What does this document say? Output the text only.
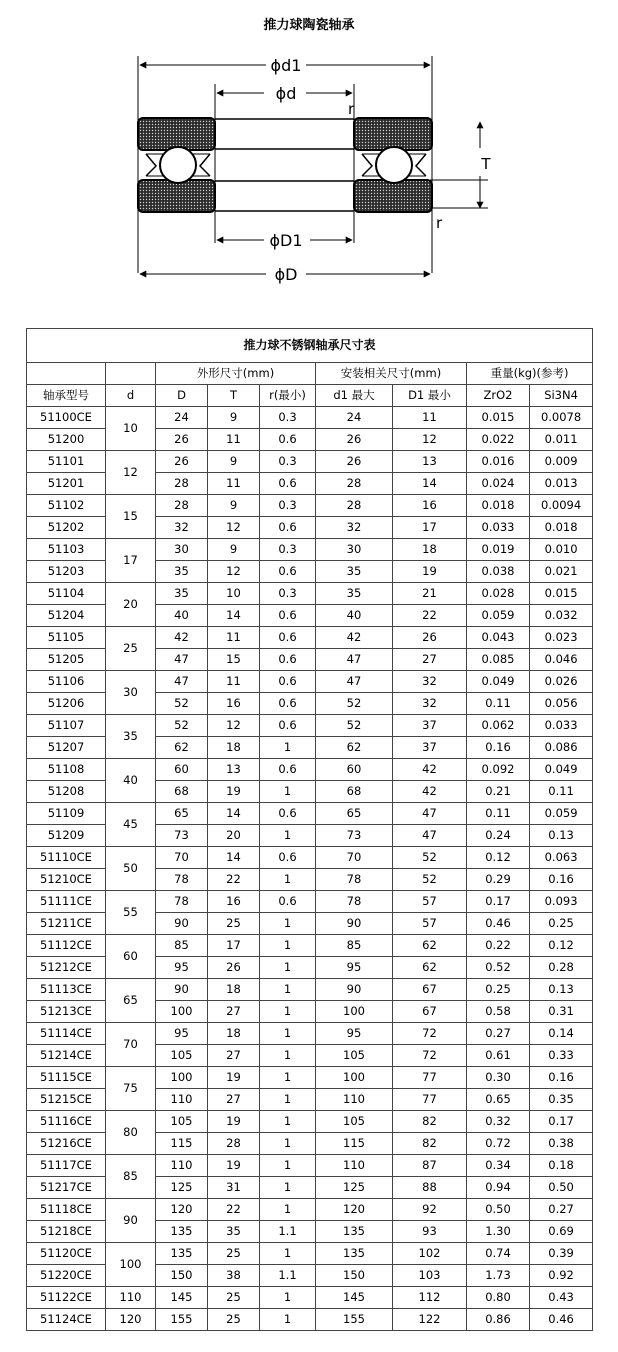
推力球陶瓷轴承
ϕd1
ϕd
r
T
r
ϕD1
ϕD
推力球不锈钢轴承尺寸表								
		外形尺寸(mm)			安装相关尺寸(mm)		重量(kg)(参考)	
轴承型号	d	D	T	r(最小)	d1 最大	D1 最小	ZrO2	Si3N4
51100CE	10	24	9	0.3	24	11	0.015	0.0078
51200		26	11	0.6	26	12	0.022	0.011
51101	12	26	9	0.3	26	13	0.016	0.009
51201		28	11	0.6	28	14	0.024	0.013
51102	15	28	9	0.3	28	16	0.018	0.0094
51202		32	12	0.6	32	17	0.033	0.018
51103	17	30	9	0.3	30	18	0.019	0.010
51203		35	12	0.6	35	19	0.038	0.021
51104	20	35	10	0.3	35	21	0.028	0.015
51204		40	14	0.6	40	22	0.059	0.032
51105	25	42	11	0.6	42	26	0.043	0.023
51205		47	15	0.6	47	27	0.085	0.046
51106	30	47	11	0.6	47	32	0.049	0.026
51206		52	16	0.6	52	32	0.11	0.056
51107	35	52	12	0.6	52	37	0.062	0.033
51207		62	18	1	62	37	0.16	0.086
51108	40	60	13	0.6	60	42	0.092	0.049
51208		68	19	1	68	42	0.21	0.11
51109	45	65	14	0.6	65	47	0.11	0.059
51209		73	20	1	73	47	0.24	0.13
51110CE	50	70	14	0.6	70	52	0.12	0.063
51210CE		78	22	1	78	52	0.29	0.16
51111CE	55	78	16	0.6	78	57	0.17	0.093
51211CE		90	25	1	90	57	0.46	0.25
51112CE	60	85	17	1	85	62	0.22	0.12
51212CE		95	26	1	95	62	0.52	0.28
51113CE	65	90	18	1	90	67	0.25	0.13
51213CE		100	27	1	100	67	0.58	0.31
51114CE	70	95	18	1	95	72	0.27	0.14
51214CE		105	27	1	105	72	0.61	0.33
51115CE	75	100	19	1	100	77	0.30	0.16
51215CE		110	27	1	110	77	0.65	0.35
51116CE	80	105	19	1	105	82	0.32	0.17
51216CE		115	28	1	115	82	0.72	0.38
51117CE	85	110	19	1	110	87	0.34	0.18
51217CE		125	31	1	125	88	0.94	0.50
51118CE	90	120	22	1	120	92	0.50	0.27
51218CE		135	35	1.1	135	93	1.30	0.69
51120CE	100	135	25	1	135	102	0.74	0.39
51220CE		150	38	1.1	150	103	1.73	0.92
51122CE	110	145	25	1	145	112	0.80	0.43
51124CE	120	155	25	1	155	122	0.86	0.46
